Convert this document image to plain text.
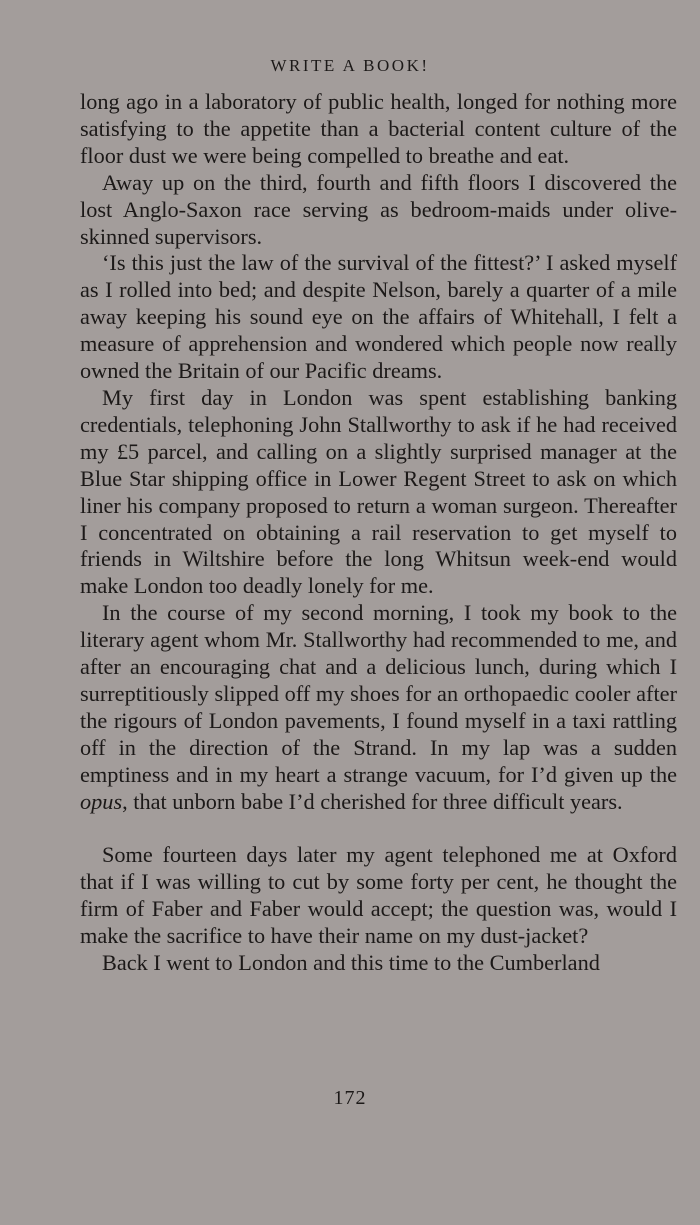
WRITE A BOOK!

long ago in a laboratory of public health, longed for nothing more satisfying to the appetite than a bacterial content culture of the floor dust we were being compelled to breathe and eat.

Away up on the third, fourth and fifth floors I discovered the lost Anglo-Saxon race serving as bedroom-maids under olive-skinned supervisors.

‘Is this just the law of the survival of the fittest?’ I asked myself as I rolled into bed; and despite Nelson, barely a quarter of a mile away keeping his sound eye on the affairs of Whitehall, I felt a measure of apprehension and wondered which people now really owned the Britain of our Pacific dreams.

My first day in London was spent establishing banking credentials, telephoning John Stallworthy to ask if he had received my £5 parcel, and calling on a slightly surprised manager at the Blue Star shipping office in Lower Regent Street to ask on which liner his company proposed to return a woman surgeon. Thereafter I concentrated on obtaining a rail reservation to get myself to friends in Wiltshire before the long Whitsun week-end would make London too deadly lonely for me.

In the course of my second morning, I took my book to the literary agent whom Mr. Stallworthy had recommended to me, and after an encouraging chat and a delicious lunch, during which I surreptitiously slipped off my shoes for an orthopaedic cooler after the rigours of London pavements, I found myself in a taxi rattling off in the direction of the Strand. In my lap was a sudden emptiness and in my heart a strange vacuum, for I’d given up the opus, that unborn babe I’d cherished for three difficult years.

Some fourteen days later my agent telephoned me at Oxford that if I was willing to cut by some forty per cent, he thought the firm of Faber and Faber would accept; the question was, would I make the sacrifice to have their name on my dust-jacket?

Back I went to London and this time to the Cumberland

172
